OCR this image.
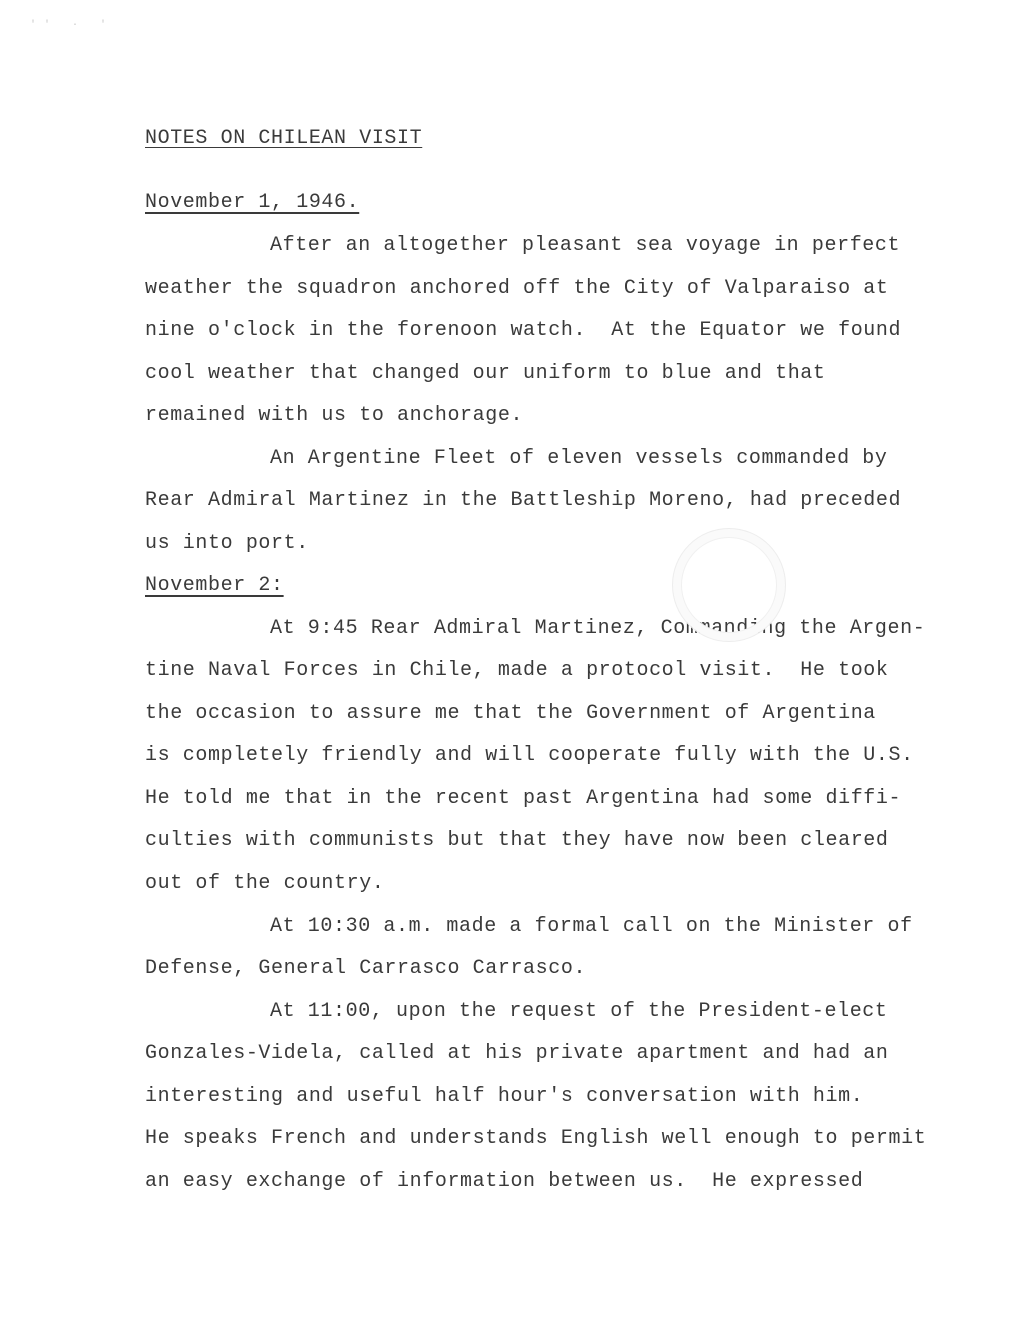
'' · '
NOTES ON CHILEAN VISIT
November 1, 1946.
After an altogether pleasant sea voyage in perfect
weather the squadron anchored off the City of Valparaiso at
nine o'clock in the forenoon watch.  At the Equator we found
cool weather that changed our uniform to blue and that
remained with us to anchorage.
An Argentine Fleet of eleven vessels commanded by
Rear Admiral Martinez in the Battleship Moreno, had preceded
us into port.
November 2:
At 9:45 Rear Admiral Martinez, Commanding the Argen-
tine Naval Forces in Chile, made a protocol visit.  He took
the occasion to assure me that the Government of Argentina
is completely friendly and will cooperate fully with the U.S.
He told me that in the recent past Argentina had some diffi-
culties with communists but that they have now been cleared
out of the country.
At 10:30 a.m. made a formal call on the Minister of
Defense, General Carrasco Carrasco.
At 11:00, upon the request of the President-elect
Gonzales-Videla, called at his private apartment and had an
interesting and useful half hour's conversation with him.
He speaks French and understands English well enough to permit
an easy exchange of information between us.  He expressed
